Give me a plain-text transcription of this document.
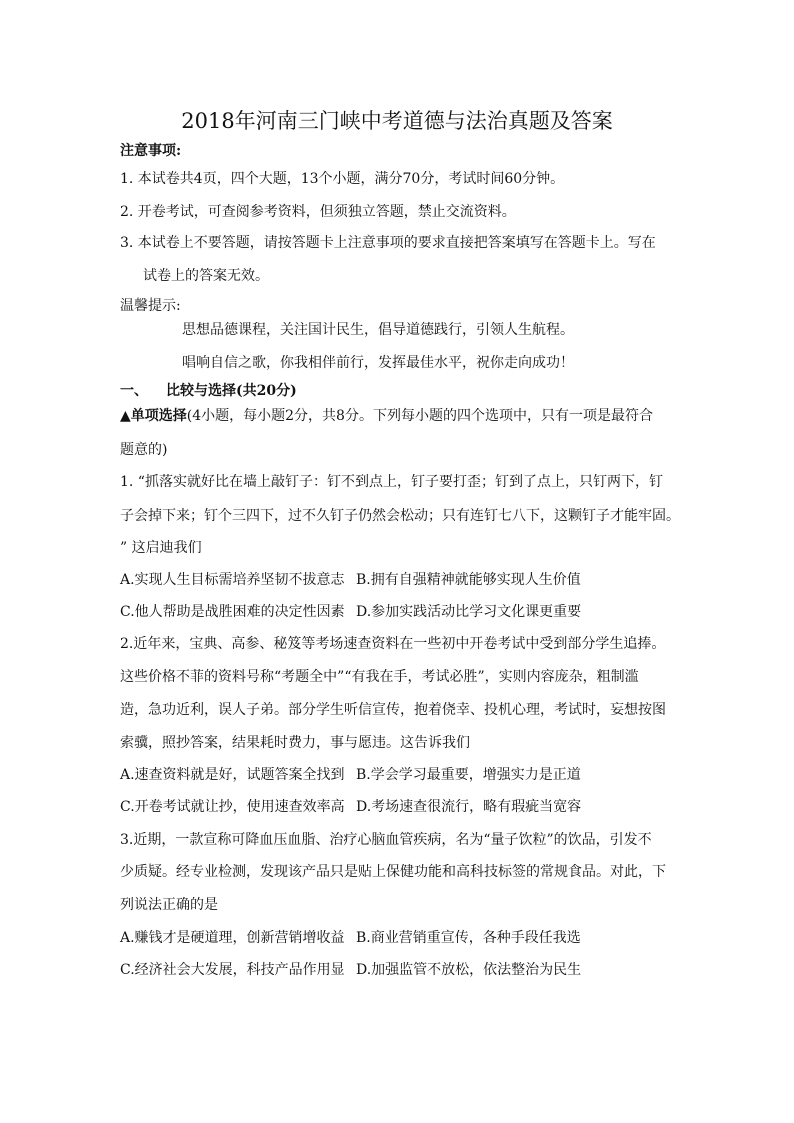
2018年河南三门峡中考道德与法治真题及答案
注意事项:
1. 本试卷共4页，四个大题，13个小题，满分70分，考试时间60分钟。
2. 开卷考试，可查阅参考资料，但须独立答题，禁止交流资料。
3. 本试卷上不要答题，请按答题卡上注意事项的要求直接把答案填写在答题卡上。写在
试卷上的答案无效。
温馨提示:
思想品德课程，关注国计民生，倡导道德践行，引领人生航程。
唱响自信之歌，你我相伴前行，发挥最佳水平，祝你走向成功！
一、 比较与选择(共20分)
▲单项选择(4小题，每小题2分，共8分。下列每小题的四个选项中，只有一项是最符合
题意的)
1. “抓落实就好比在墙上敲钉子：钉不到点上，钉子要打歪；钉到了点上，只钉两下，钉
子会掉下来；钉个三四下，过不久钉子仍然会松动；只有连钉七八下，这颗钉子才能牢固。
” 这启迪我们
A.实现人生目标需培养坚韧不拔意志 B.拥有自强精神就能够实现人生价值
C.他人帮助是战胜困难的决定性因素 D.参加实践活动比学习文化课更重要
2.近年来，宝典、高参、秘笈等考场速查资料在一些初中开卷考试中受到部分学生追捧。
这些价格不菲的资料号称“考题全中”“有我在手，考试必胜”，实则内容庞杂，粗制滥
造，急功近利，误人子弟。部分学生听信宣传，抱着侥幸、投机心理，考试时，妄想按图
索骥，照抄答案，结果耗时费力，事与愿违。这告诉我们
A.速查资料就是好，试题答案全找到 B.学会学习最重要，增强实力是正道
C.开卷考试就让抄，使用速查效率高 D.考场速查很流行，略有瑕疵当宽容
3.近期，一款宣称可降血压血脂、治疗心脑血管疾病，名为“量子饮粒”的饮品，引发不
少质疑。经专业检测，发现该产品只是贴上保健功能和高科技标签的常规食品。对此，下
列说法正确的是
A.赚钱才是硬道理，创新营销增收益 B.商业营销重宣传，各种手段任我选
C.经济社会大发展，科技产品作用显 D.加强监管不放松，依法整治为民生
